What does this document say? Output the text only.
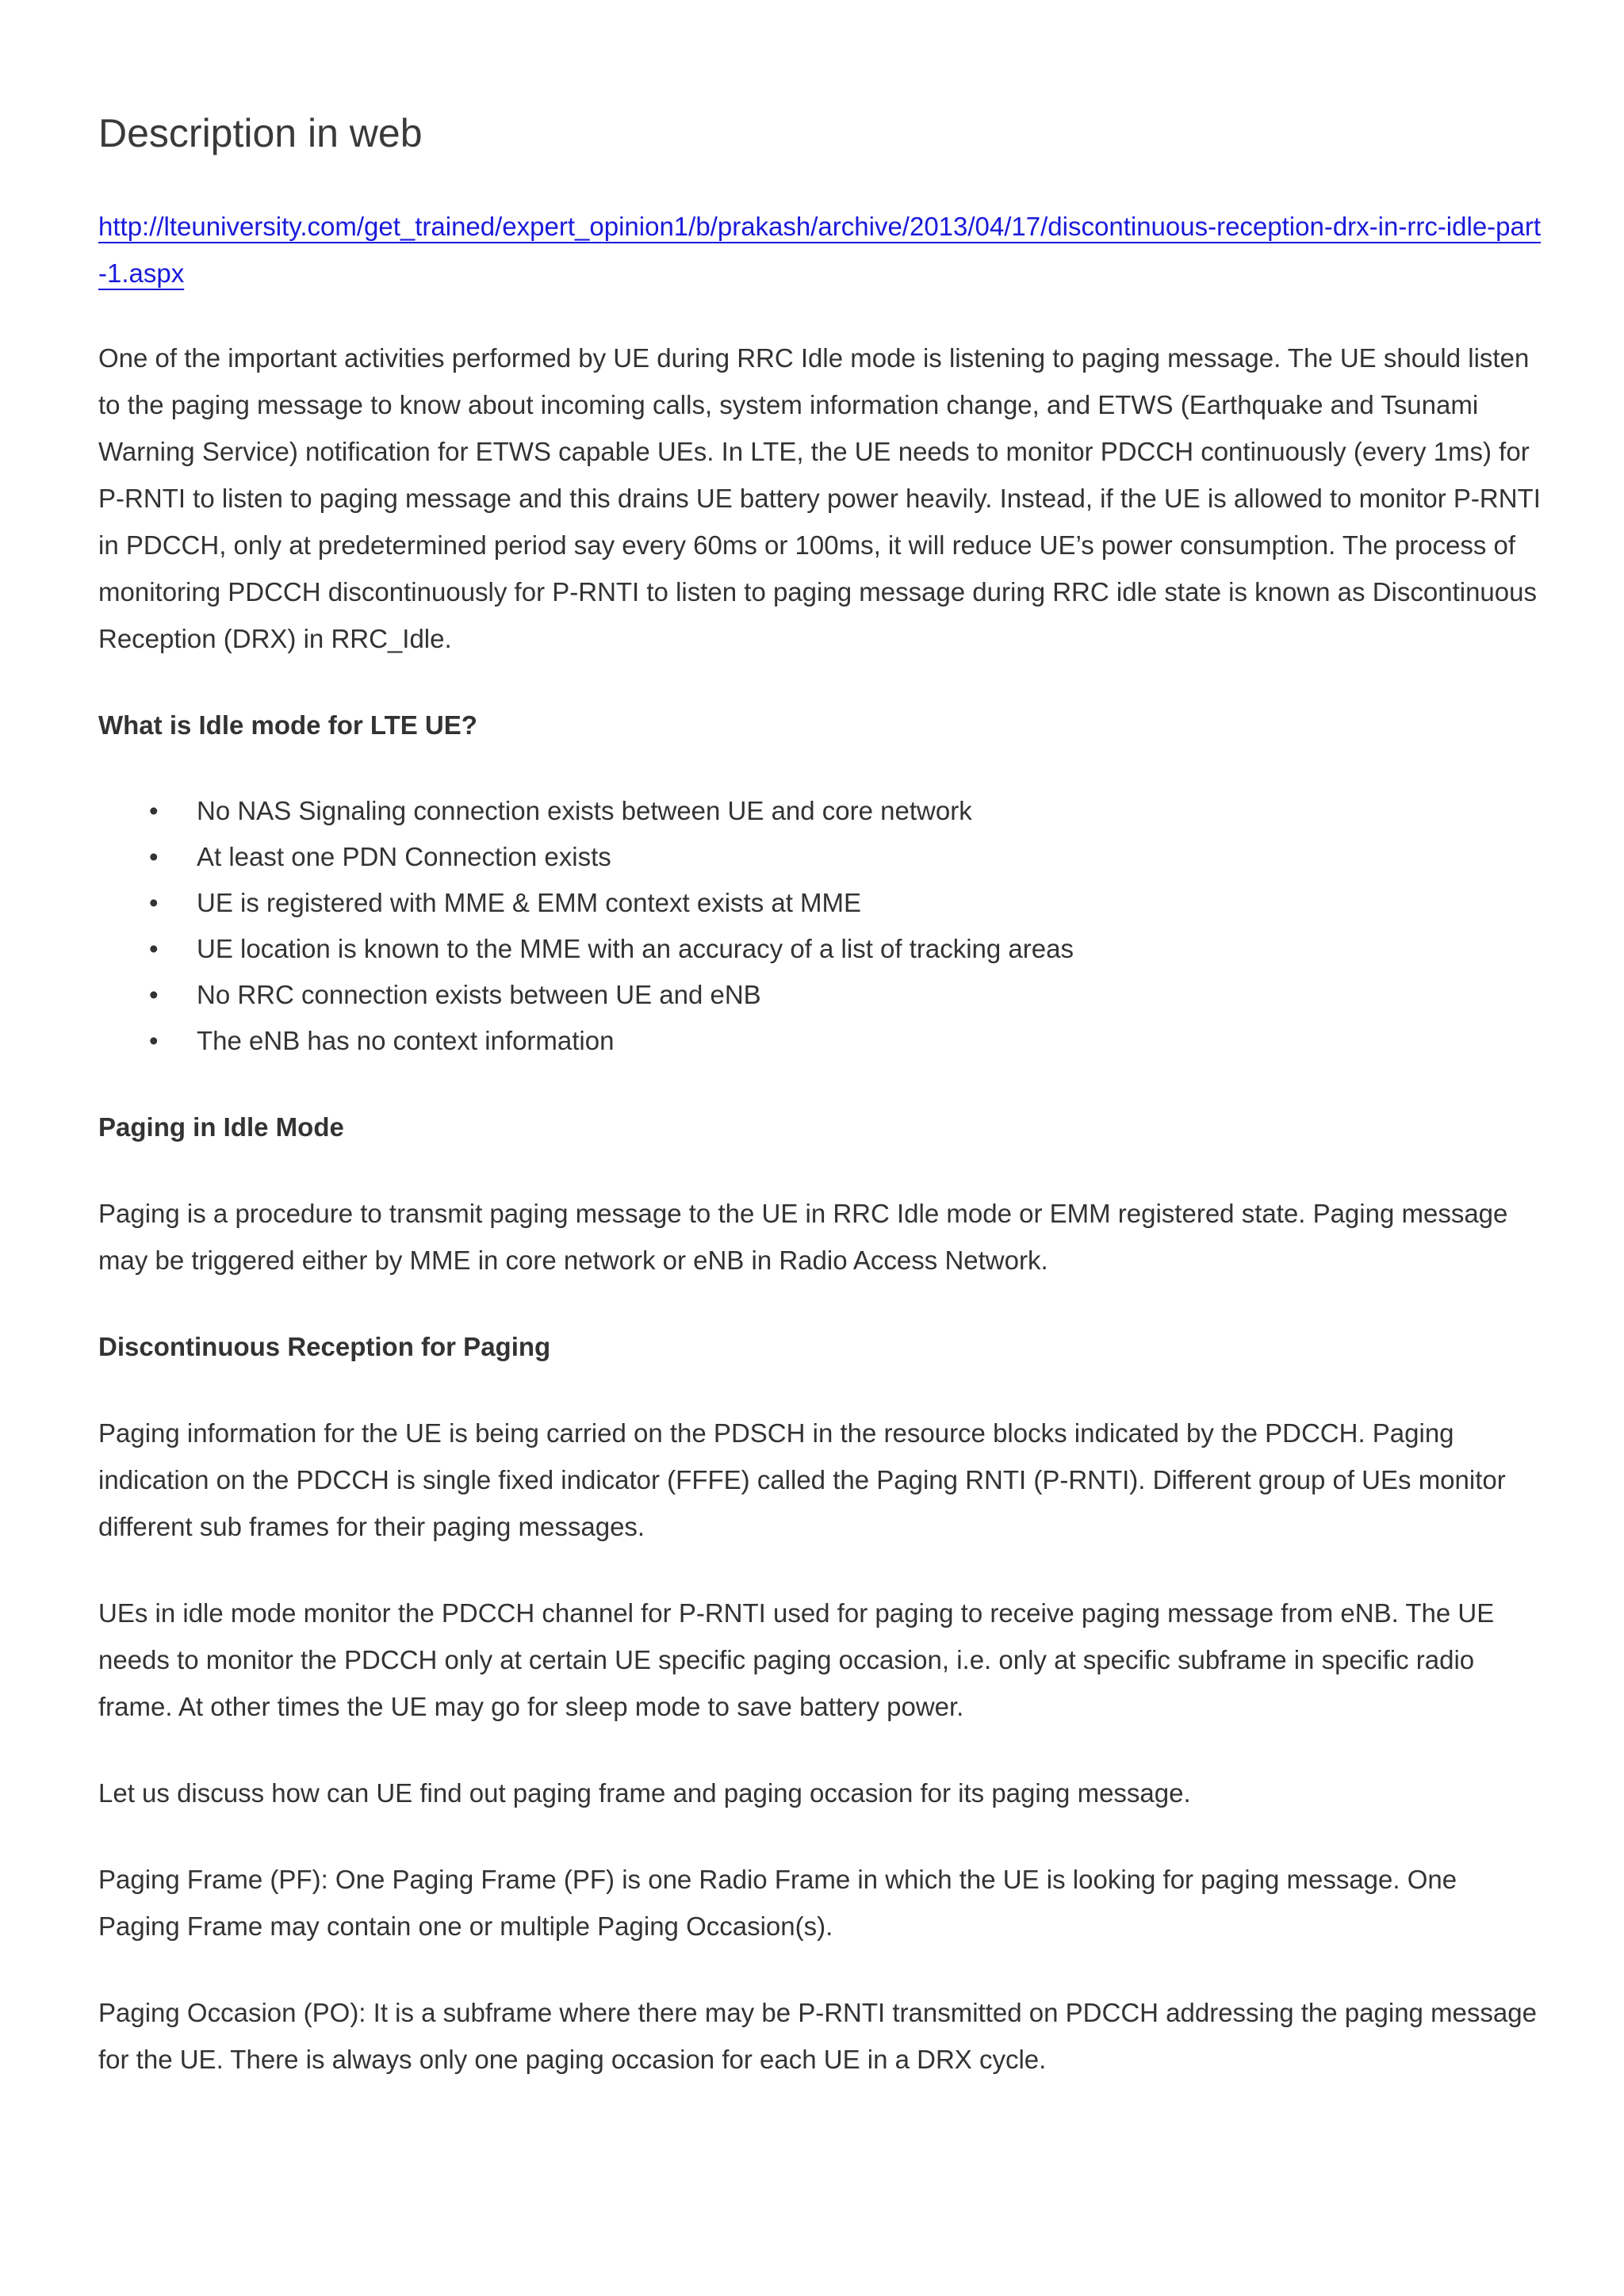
Description in web
http://lteuniversity.com/get_trained/expert_opinion1/b/prakash/archive/2013/04/17/discontinuous-reception-drx-in-rrc-idle-part-1.aspx

One of the important activities performed by UE during RRC Idle mode is listening to paging message. The UE should listen to the paging message to know about incoming calls, system information change, and ETWS (Earthquake and Tsunami Warning Service) notification for ETWS capable UEs. In LTE, the UE needs to monitor PDCCH continuously (every 1ms) for P-RNTI to listen to paging message and this drains UE battery power heavily. Instead, if the UE is allowed to monitor P-RNTI in PDCCH, only at predetermined period say every 60ms or 100ms, it will reduce UE’s power consumption. The process of monitoring PDCCH discontinuously for P-RNTI to listen to paging message during RRC idle state is known as Discontinuous Reception (DRX) in RRC_Idle.

What is Idle mode for LTE UE?
• No NAS Signaling connection exists between UE and core network
• At least one PDN Connection exists
• UE is registered with MME & EMM context exists at MME
• UE location is known to the MME with an accuracy of a list of tracking areas
• No RRC connection exists between UE and eNB
• The eNB has no context information
Paging in Idle Mode

Paging is a procedure to transmit paging message to the UE in RRC Idle mode or EMM registered state. Paging message may be triggered either by MME in core network or eNB in Radio Access Network.

Discontinuous Reception for Paging

Paging information for the UE is being carried on the PDSCH in the resource blocks indicated by the PDCCH. Paging indication on the PDCCH is single fixed indicator (FFFE) called the Paging RNTI (P-RNTI). Different group of UEs monitor different sub frames for their paging messages.

UEs in idle mode monitor the PDCCH channel for P-RNTI used for paging to receive paging message from eNB. The UE needs to monitor the PDCCH only at certain UE specific paging occasion, i.e. only at specific subframe in specific radio frame. At other times the UE may go for sleep mode to save battery power.

Let us discuss how can UE find out paging frame and paging occasion for its paging message.

Paging Frame (PF): One Paging Frame (PF) is one Radio Frame in which the UE is looking for paging message. One Paging Frame may contain one or multiple Paging Occasion(s).

Paging Occasion (PO): It is a subframe where there may be P-RNTI transmitted on PDCCH addressing the paging message for the UE. There is always only one paging occasion for each UE in a DRX cycle.
